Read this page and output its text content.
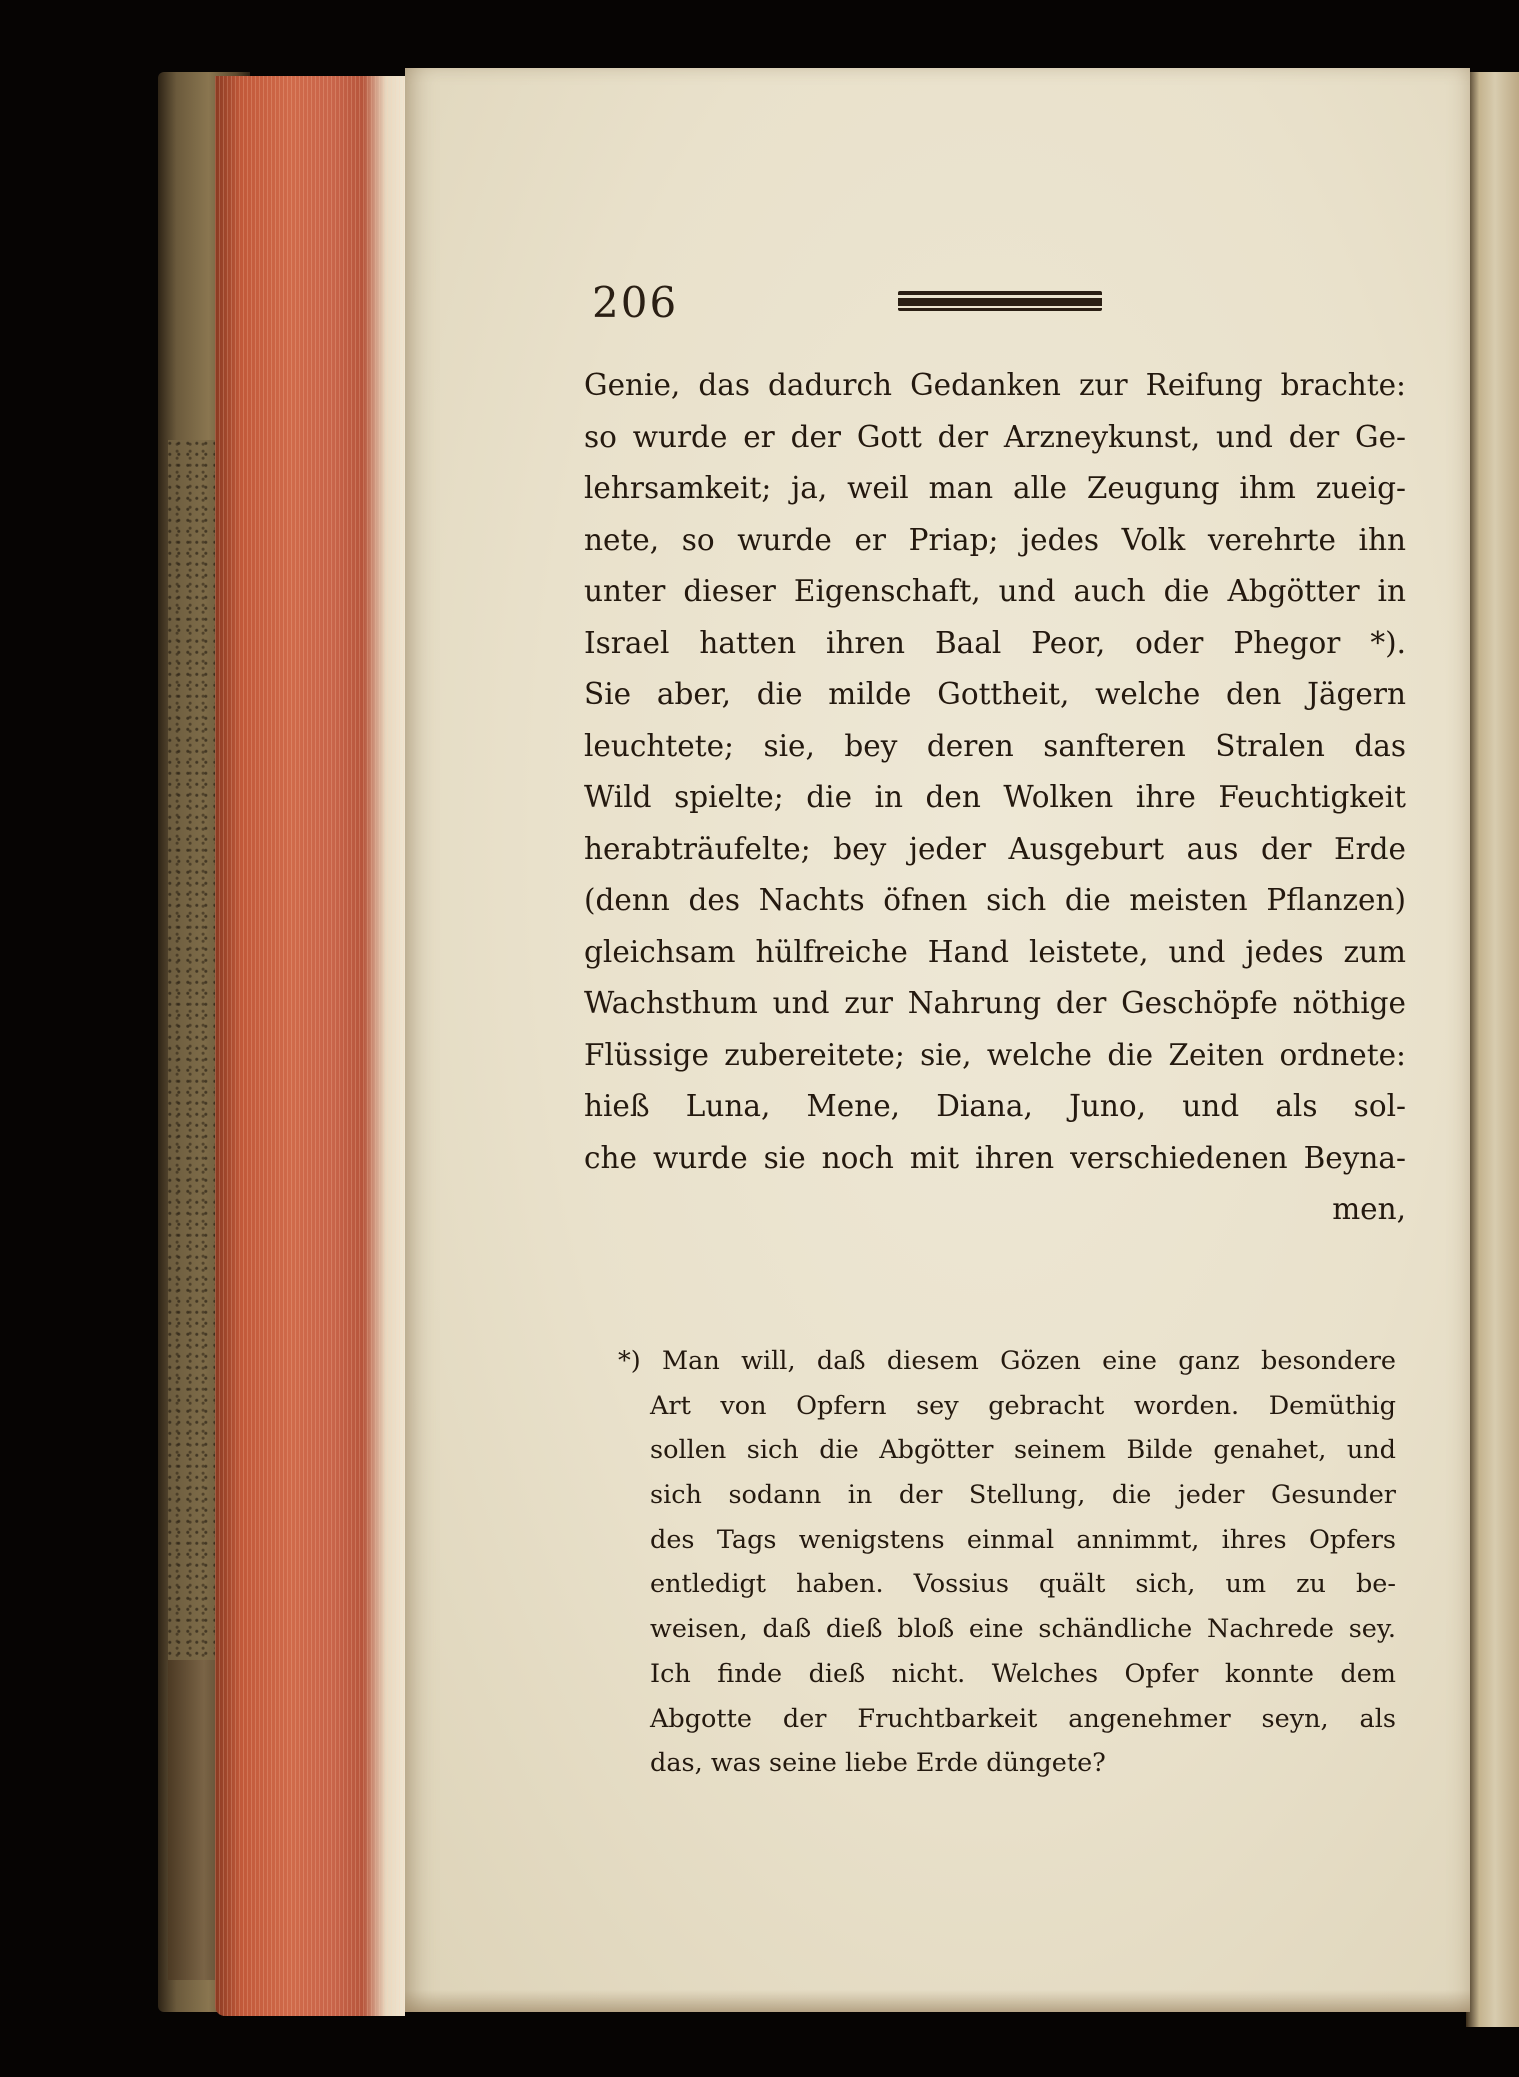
206

Genie, das dadurch Gedanken zur Reifung brachte:
so wurde er der Gott der Arzneykunst, und der Ge-
lehrsamkeit; ja, weil man alle Zeugung ihm zueig-
nete, so wurde er Priap; jedes Volk verehrte ihn
unter dieser Eigenschaft, und auch die Abgötter in
Israel hatten ihren Baal Peor, oder Phegor *).
Sie aber, die milde Gottheit, welche den Jägern
leuchtete; sie, bey deren sanfteren Stralen das
Wild spielte; die in den Wolken ihre Feuchtigkeit
herabträufelte; bey jeder Ausgeburt aus der Erde
(denn des Nachts öfnen sich die meisten Pflanzen)
gleichsam hülfreiche Hand leistete, und jedes zum
Wachsthum und zur Nahrung der Geschöpfe nöthige
Flüssige zubereitete; sie, welche die Zeiten ordnete:
hieß Luna, Mene, Diana, Juno, und als sol-
che wurde sie noch mit ihren verschiedenen Beyna-
men,
*) Man will, daß diesem Gözen eine ganz besondere
Art von Opfern sey gebracht worden. Demüthig
sollen sich die Abgötter seinem Bilde genahet, und
sich sodann in der Stellung, die jeder Gesunder
des Tags wenigstens einmal annimmt, ihres Opfers
entledigt haben. Vossius quält sich, um zu be-
weisen, daß dieß bloß eine schändliche Nachrede sey.
Ich finde dieß nicht. Welches Opfer konnte dem
Abgotte der Fruchtbarkeit angenehmer seyn, als
das, was seine liebe Erde düngete?
